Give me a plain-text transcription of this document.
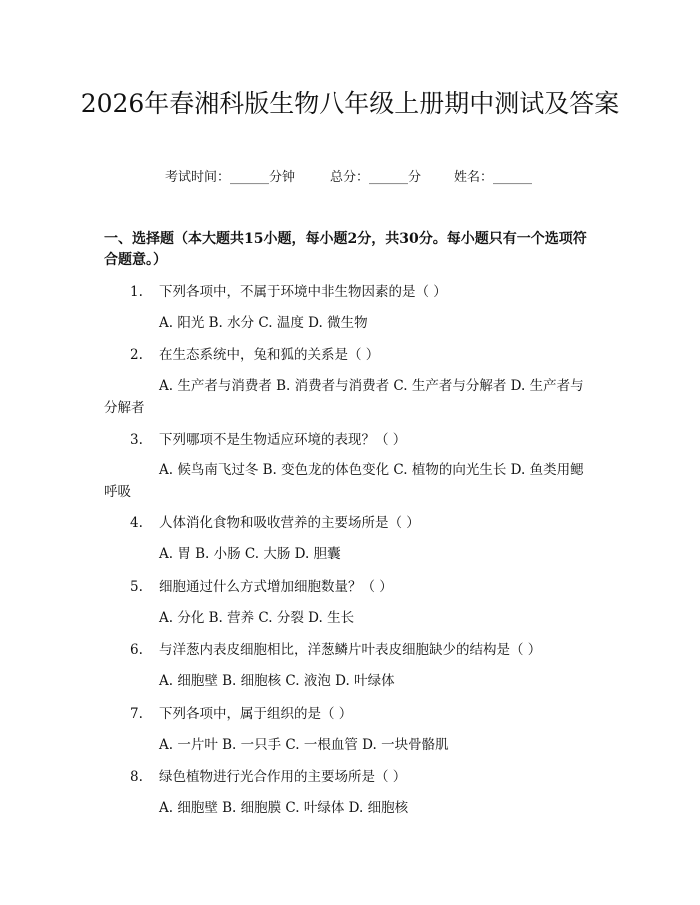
2026年春湘科版生物八年级上册期中测试及答案
考试时间：______分钟	总分：______分	姓名：______

一、选择题（本大题共15小题，每小题2分，共30分。每小题只有一个选项符合题意。）

1. 下列各项中，不属于环境中非生物因素的是（ ）
A. 阳光 B. 水分 C. 温度 D. 微生物
2. 在生态系统中，兔和狐的关系是（ ）
A. 生产者与消费者 B. 消费者与消费者 C. 生产者与分解者 D. 生产者与分解者
3. 下列哪项不是生物适应环境的表现？（ ）
A. 候鸟南飞过冬 B. 变色龙的体色变化 C. 植物的向光生长 D. 鱼类用鳃呼吸
4. 人体消化食物和吸收营养的主要场所是（ ）
A. 胃 B. 小肠 C. 大肠 D. 胆囊
5. 细胞通过什么方式增加细胞数量？（ ）
A. 分化 B. 营养 C. 分裂 D. 生长
6. 与洋葱内表皮细胞相比，洋葱鳞片叶表皮细胞缺少的结构是（ ）
A. 细胞壁 B. 细胞核 C. 液泡 D. 叶绿体
7. 下列各项中，属于组织的是（ ）
A. 一片叶 B. 一只手 C. 一根血管 D. 一块骨骼肌
8. 绿色植物进行光合作用的主要场所是（ ）
A. 细胞壁 B. 细胞膜 C. 叶绿体 D. 细胞核
